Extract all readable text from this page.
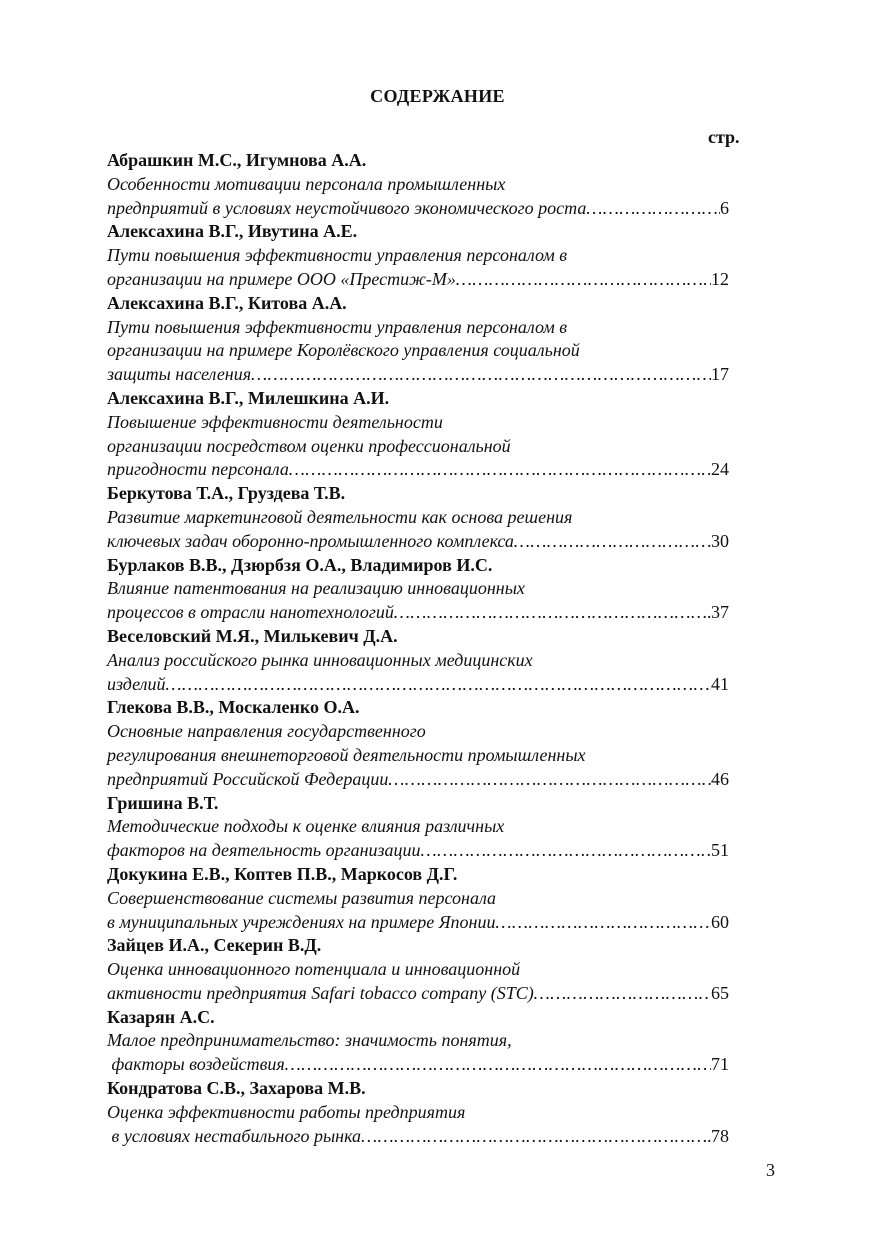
СОДЕРЖАНИЕ
стр.
Абрашкин М.С., Игумнова А.А.
Особенности мотивации персонала промышленных
предприятий в условиях неустойчивого экономического роста ……………………………………………………………………………………………………………………………………	6
Алексахина В.Г., Ивутина А.Е.
Пути повышения эффективности управления персоналом в
организации на примере ООО «Престиж-М» ……………………………………………………………………………………………………………………………………	12
Алексахина В.Г., Китова А.А.
Пути повышения эффективности управления персоналом в
организации на примере Королёвского управления социальной
защиты населения ……………………………………………………………………………………………………………………………………	17
Алексахина В.Г., Милешкина А.И.
Повышение эффективности деятельности
организации посредством оценки профессиональной
пригодности персонала ……………………………………………………………………………………………………………………………………	24
Беркутова Т.А., Груздева Т.В.
Развитие маркетинговой деятельности как основа решения
ключевых задач оборонно-промышленного комплекса ……………………………………………………………………………………………………………………………………	30
Бурлаков В.В., Дзюрбзя О.А., Владимиров И.С.
Влияние патентования на реализацию инновационных
процессов в отрасли нанотехнологий ……………………………………………………………………………………………………………………………………	37
Веселовский М.Я., Милькевич Д.А.
Анализ российского рынка инновационных медицинских
изделий ……………………………………………………………………………………………………………………………………	41
Глекова В.В., Москаленко О.А.
Основные направления государственного
регулирования внешнеторговой деятельности промышленных
предприятий Российской Федерации ……………………………………………………………………………………………………………………………………	46
Гришина В.Т.
Методические подходы к оценке влияния различных
факторов на деятельность организации ……………………………………………………………………………………………………………………………………	51
Докукина Е.В., Коптев П.В., Маркосов Д.Г.
Совершенствование системы развития персонала
в муниципальных учреждениях на примере Японии ……………………………………………………………………………………………………………………………………	60
Зайцев И.А., Секерин В.Д.
Оценка инновационного потенциала и инновационной
активности предприятия Safari tobacco company (STC) ……………………………………………………………………………………………………………………………………	65
Казарян А.С.
Малое предпринимательство: значимость понятия,
факторы воздействия ……………………………………………………………………………………………………………………………………	71
Кондратова С.В., Захарова М.В.
Оценка эффективности работы предприятия
в условиях нестабильного рынка ……………………………………………………………………………………………………………………………………	78
3
